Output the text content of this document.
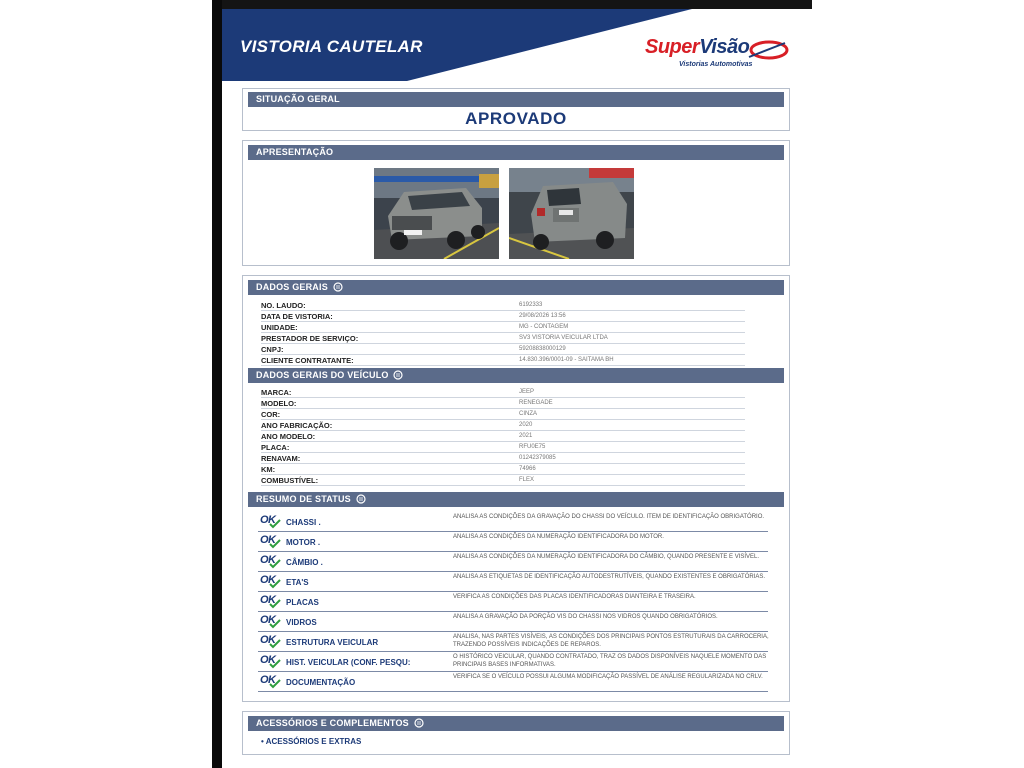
VISTORIA CAUTELAR	SuperVisão
Vistorias Automotivas
SITUAÇÃO GERAL
APROVADO
APRESENTAÇÃO
DADOS GERAIS
NO. LAUDO:	6192333
DATA DE VISTORIA:	29/08/2026 13:56
UNIDADE:	MG - CONTAGEM
PRESTADOR DE SERVIÇO:	SV3 VISTORIA VEICULAR LTDA
CNPJ:	59208838000129
CLIENTE CONTRATANTE:	14.830.396/0001-09 - SAITAMA BH
DADOS GERAIS DO VEÍCULO
MARCA:	JEEP
MODELO:	RENEGADE
COR:	CINZA
ANO FABRICAÇÃO:	2020
ANO MODELO:	2021
PLACA:	RFU0E75
RENAVAM:	01242379085
KM:	74966
COMBUSTÍVEL:	FLEX
RESUMO DE STATUS
OK CHASSI .
ANALISA AS CONDIÇÕES DA GRAVAÇÃO DO CHASSI DO VEÍCULO. ITEM DE IDENTIFICAÇÃO OBRIGATÓRIO.
OK MOTOR .
ANALISA AS CONDIÇÕES DA NUMERAÇÃO IDENTIFICADORA DO MOTOR.
OK CÂMBIO .
ANALISA AS CONDIÇÕES DA NUMERAÇÃO IDENTIFICADORA DO CÂMBIO, QUANDO PRESENTE E VISÍVEL.
OK ETA'S
ANALISA AS ETIQUETAS DE IDENTIFICAÇÃO AUTODESTRUTÍVEIS, QUANDO EXISTENTES E OBRIGATÓRIAS.
OK PLACAS
VERIFICA AS CONDIÇÕES DAS PLACAS IDENTIFICADORAS DIANTEIRA E TRASEIRA.
OK VIDROS
ANALISA A GRAVAÇÃO DA PORÇÃO VIS DO CHASSI NOS VIDROS QUANDO OBRIGATÓRIOS.
OK ESTRUTURA VEICULAR
ANALISA, NAS PARTES VISÍVEIS, AS CONDIÇÕES DOS PRINCIPAIS PONTOS ESTRUTURAIS DA CARROCERIA, TRAZENDO POSSÍVEIS INDICAÇÕES DE REPAROS.
OK HIST. VEICULAR (CONF. PESQU:
O HISTÓRICO VEICULAR, QUANDO CONTRATADO, TRAZ OS DADOS DISPONÍVEIS NAQUELE MOMENTO DAS PRINCIPAIS BASES INFORMATIVAS.
OK DOCUMENTAÇÃO
VERIFICA SE O VEÍCULO POSSUI ALGUMA MODIFICAÇÃO PASSÍVEL DE ANÁLISE REGULARIZADA NO CRLV.
ACESSÓRIOS E COMPLEMENTOS
• ACESSÓRIOS E EXTRAS
